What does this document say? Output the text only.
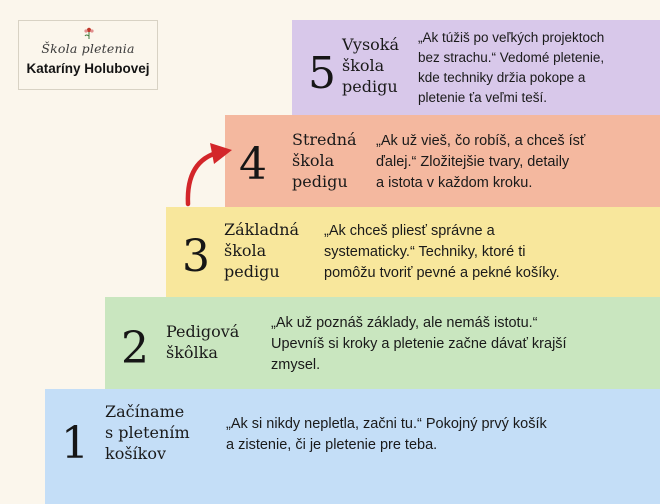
Škola pletenia
Kataríny Holubovej	5
Vysoká
škola
pedigu
„Ak túžiš po veľkých projektoch
bez strachu.“ Vedomé pletenie,
kde techniky držia pokope a
pletenie ťa veľmi teší.
4 Stredná
škola
pedigu
„Ak už vieš, čo robíš, a chceš ísť
ďalej.“ Zložitejšie tvary, detaily
a istota v každom kroku.
3
Základná
škola
pedigu
„Ak chceš pliesť správne a
systematicky.“ Techniky, ktoré ti
pomôžu tvoriť pevné a pekné košíky.
2 Pedigová
škôlka
„Ak už poznáš základy, ale nemáš istotu.“
Upevníš si kroky a pletenie začne dávať krajší
zmysel.
1
Začíname
s pletením
košíkov
„Ak si nikdy nepletla, začni tu.“ Pokojný prvý košík
a zistenie, či je pletenie pre teba.
